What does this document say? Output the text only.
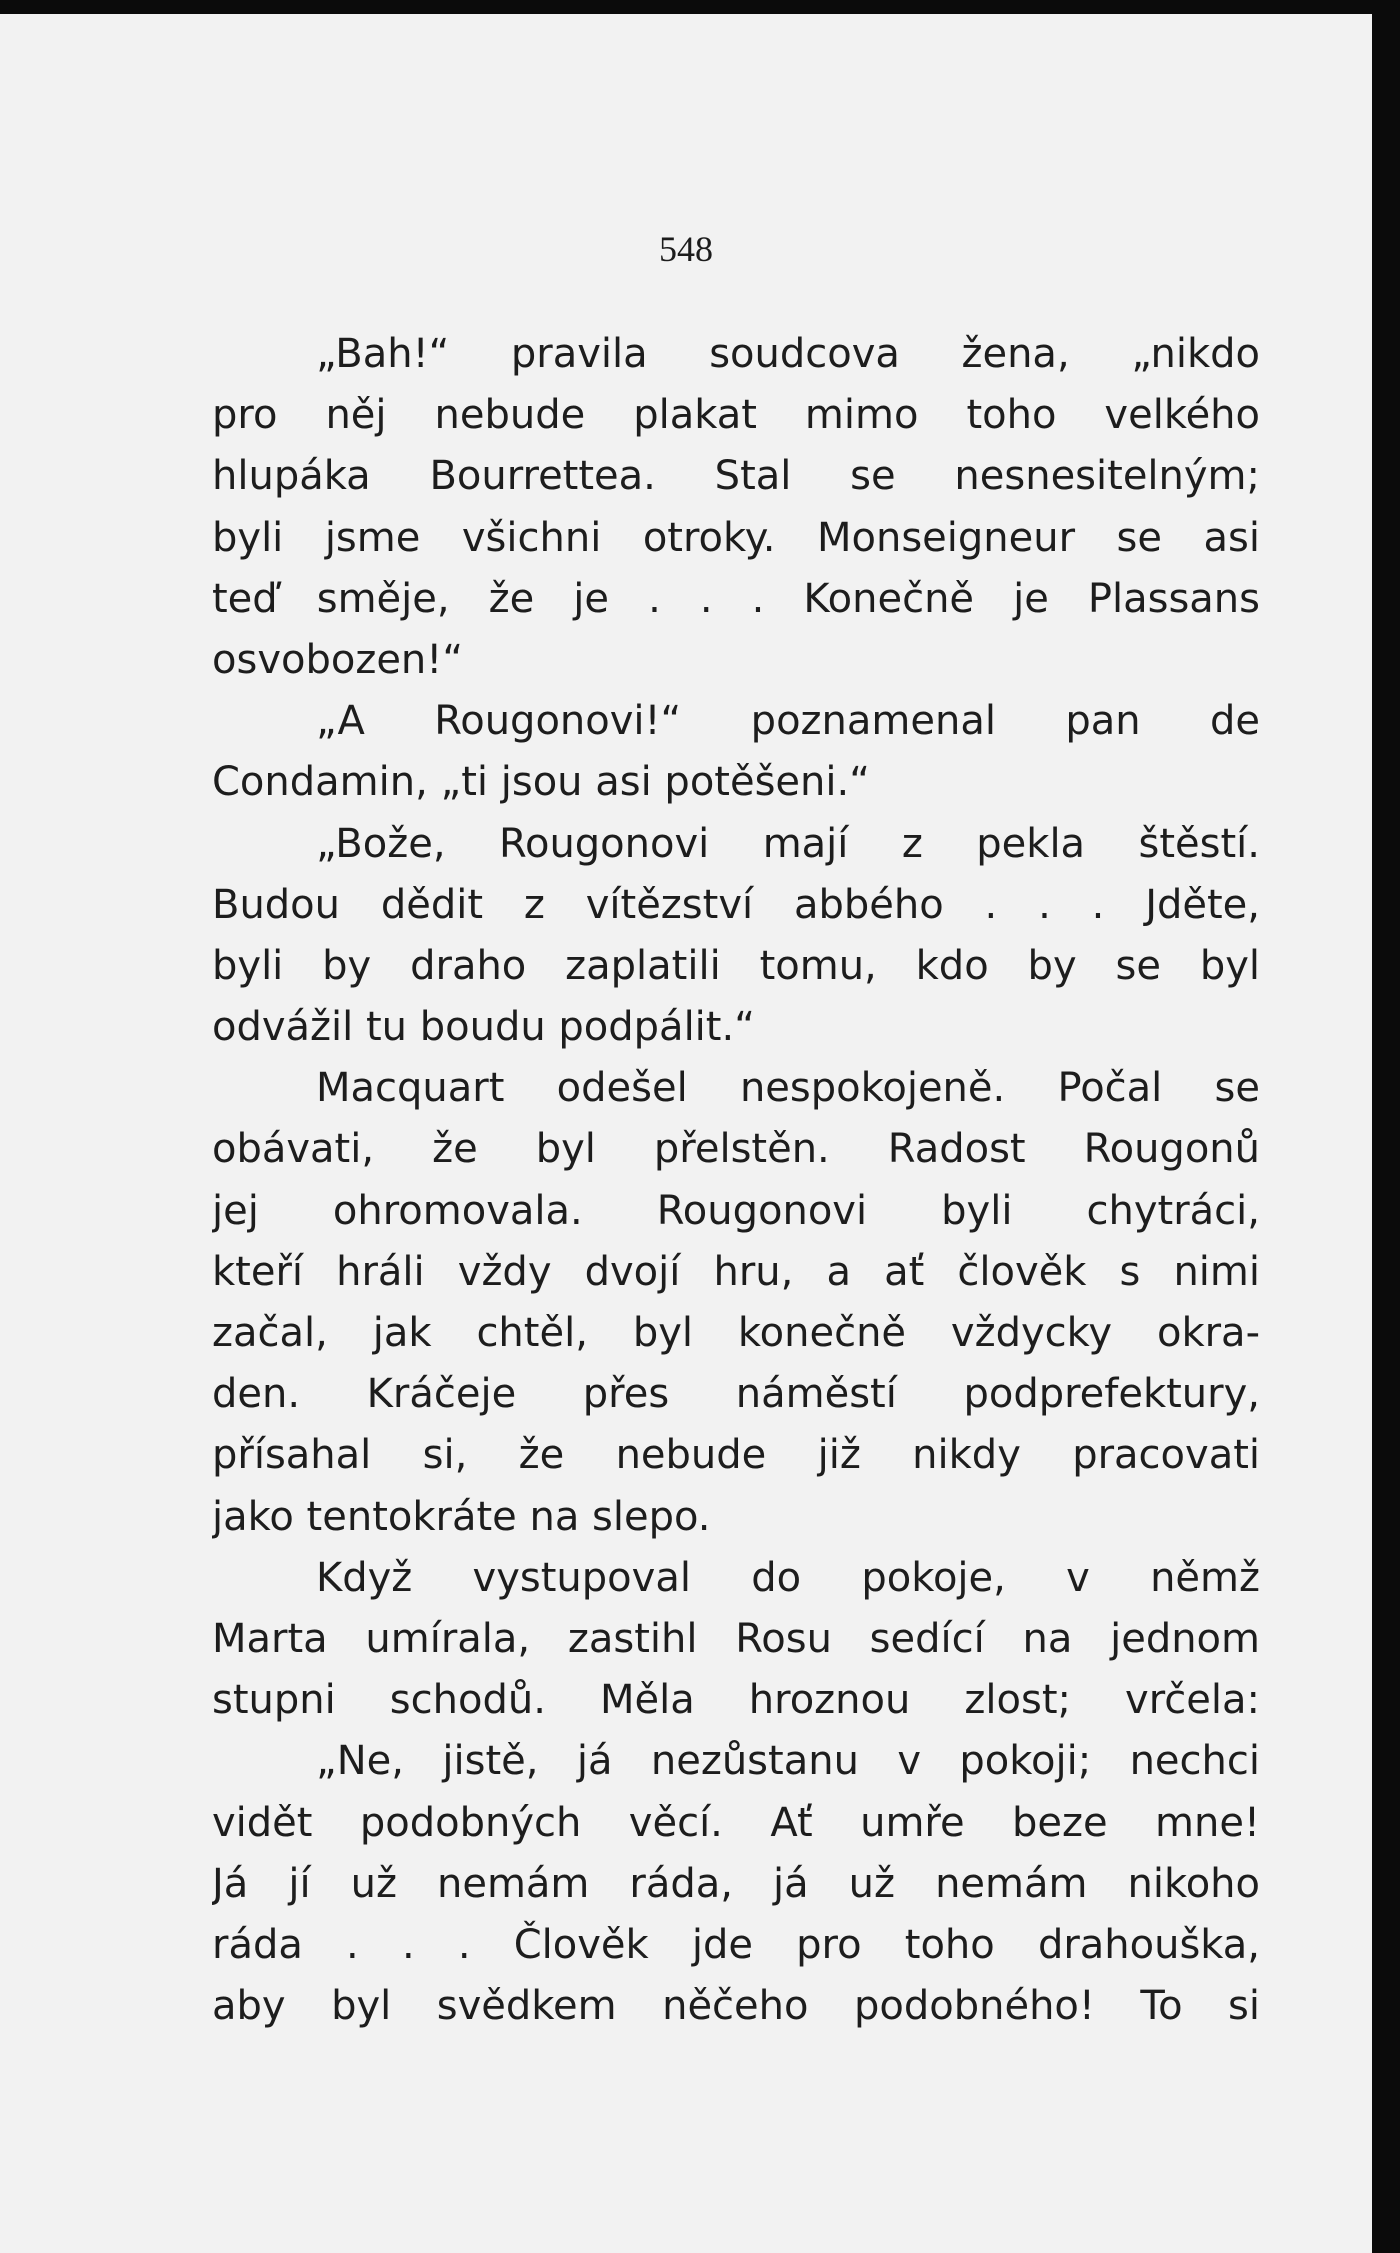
548
„Bah!“ pravila soudcova žena, „nikdo
pro něj nebude plakat mimo toho velkého
hlupáka Bourrettea. Stal se nesnesitelným;
byli jsme všichni otroky. Monseigneur se asi
teď směje, že je . . . Konečně je Plassans
osvobozen!“
„A Rougonovi!“ poznamenal pan de
Condamin, „ti jsou asi potěšeni.“
„Bože, Rougonovi mají z pekla štěstí.
Budou dědit z vítězství abbého . . . Jděte,
byli by draho zaplatili tomu, kdo by se byl
odvážil tu boudu podpálit.“
Macquart odešel nespokojeně. Počal se
obávati, že byl přelstěn. Radost Rougonů
jej ohromovala. Rougonovi byli chytráci,
kteří hráli vždy dvojí hru, a ať člověk s nimi
začal, jak chtěl, byl konečně vždycky okra-
den. Kráčeje přes náměstí podprefektury,
přísahal si, že nebude již nikdy pracovati
jako tentokráte na slepo.
Když vystupoval do pokoje, v němž
Marta umírala, zastihl Rosu sedící na jednom
stupni schodů. Měla hroznou zlost; vrčela:
„Ne, jistě, já nezůstanu v pokoji; nechci
vidět podobných věcí. Ať umře beze mne!
Já jí už nemám ráda, já už nemám nikoho
ráda . . . Člověk jde pro toho drahouška,
aby byl svědkem něčeho podobného! To si
